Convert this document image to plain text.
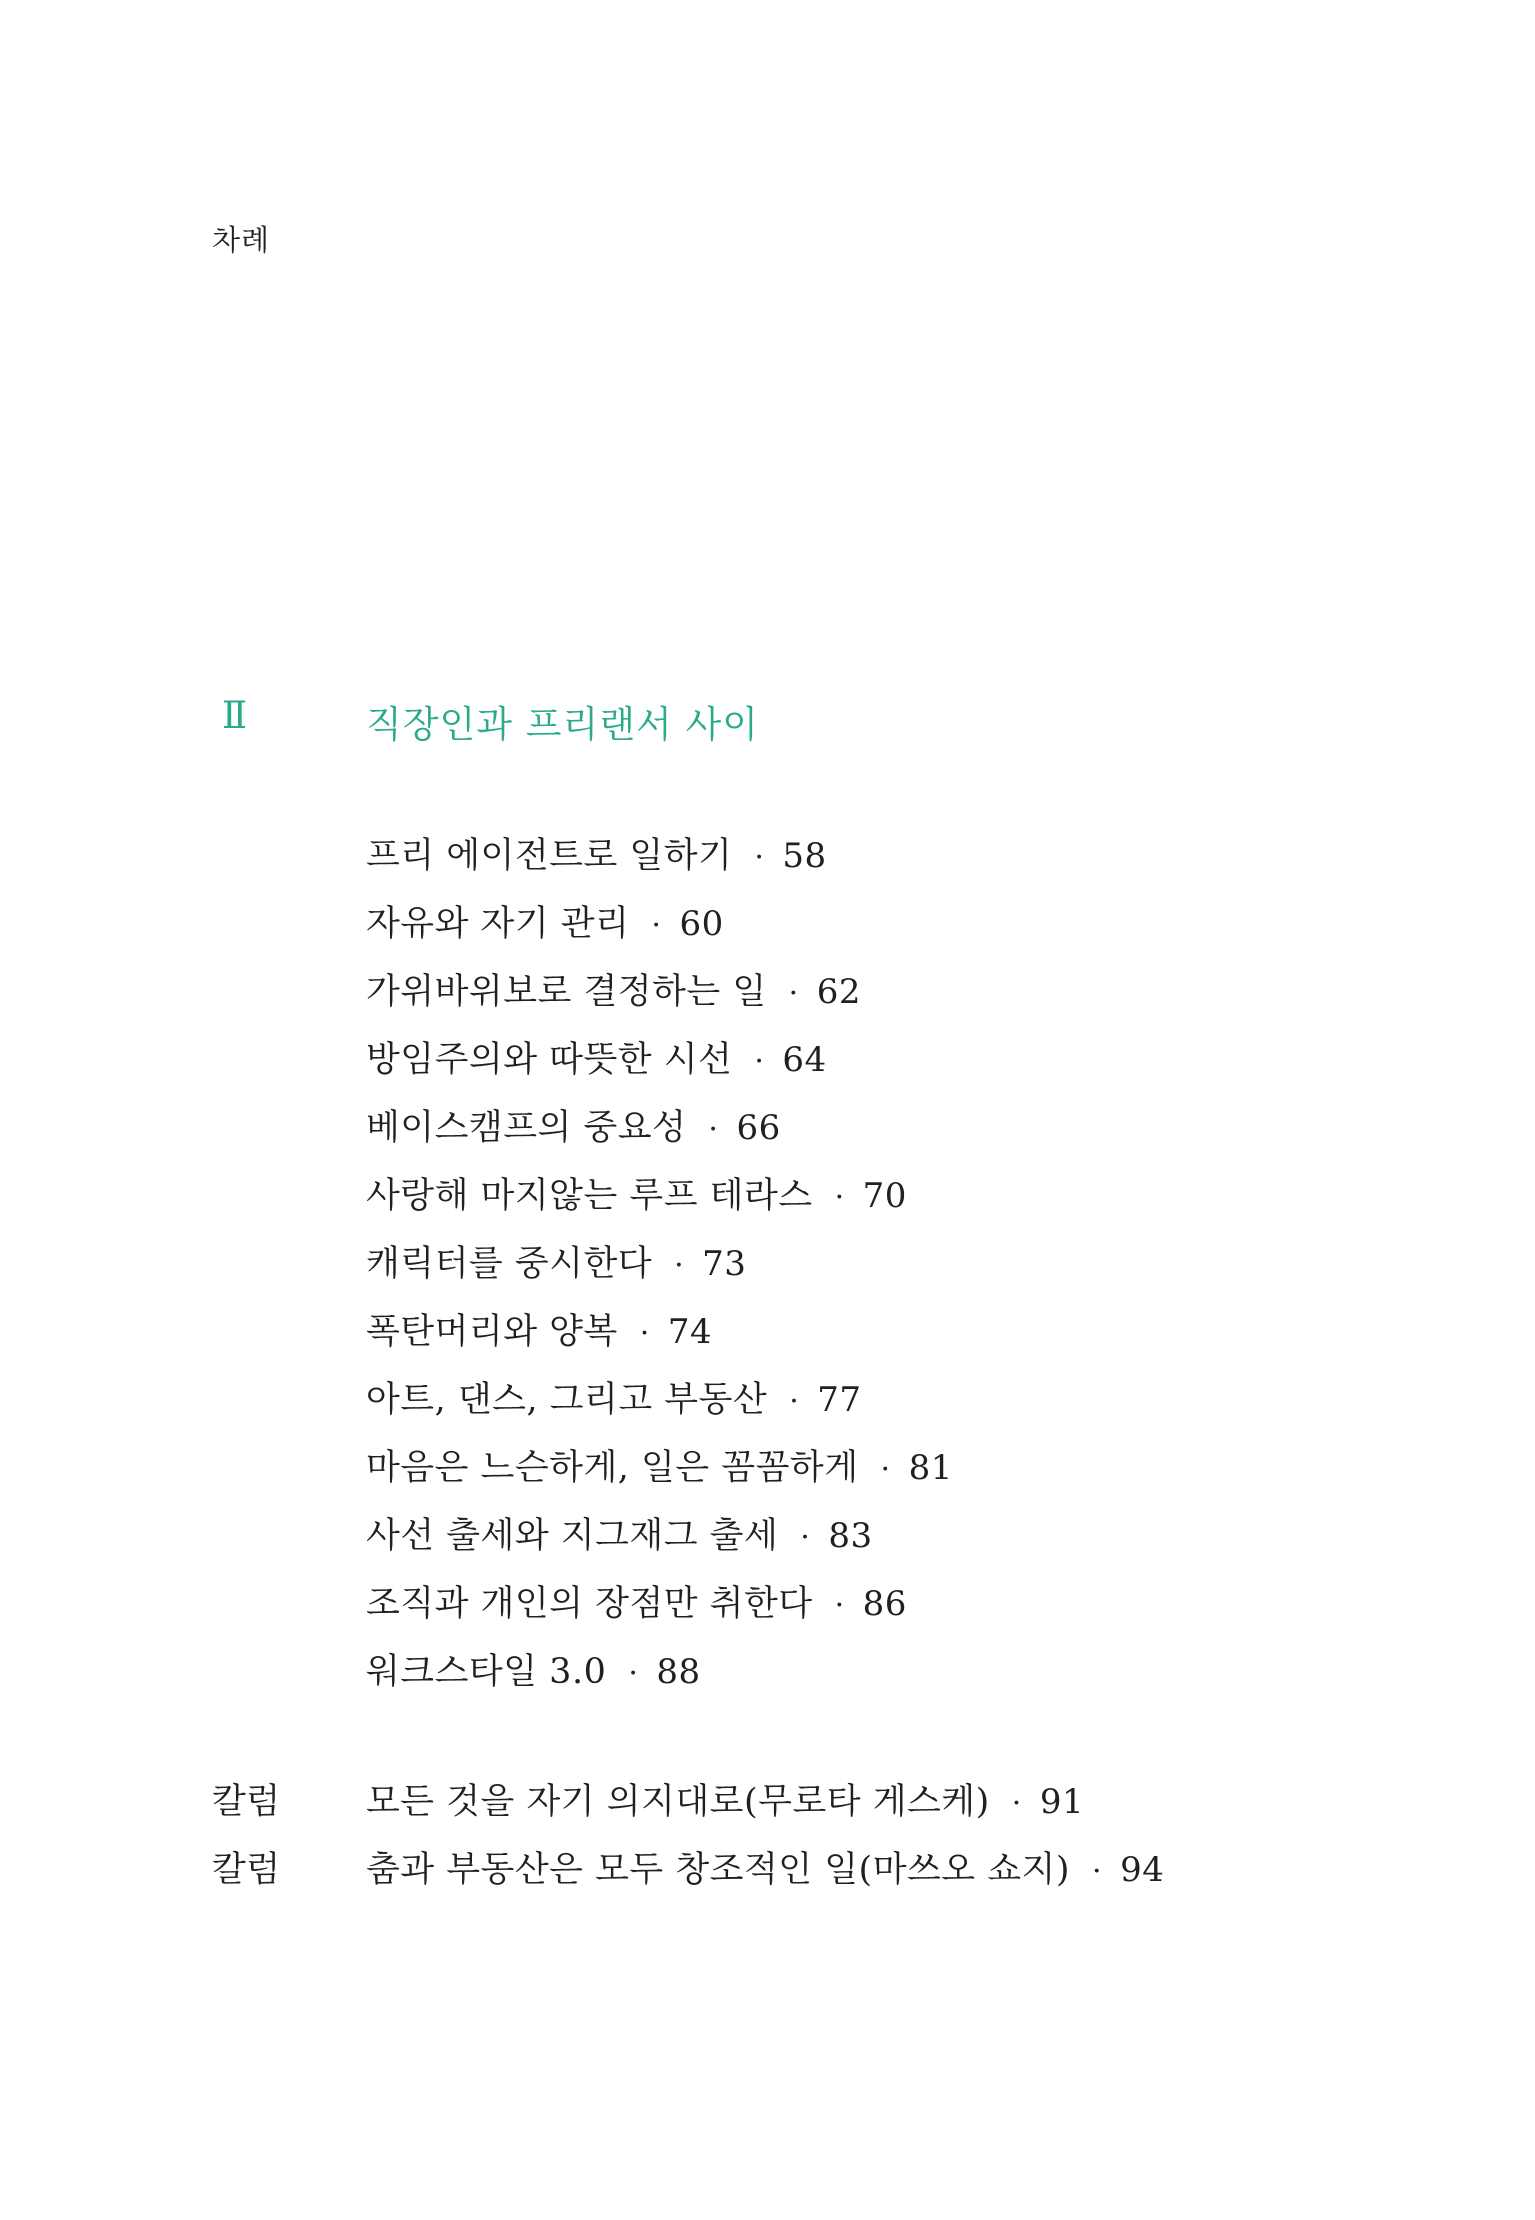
차례
Ⅱ	직장인과 프리랜서 사이
프리 에이전트로 일하기 · 58
자유와 자기 관리 · 60
가위바위보로 결정하는 일 · 62
방임주의와 따뜻한 시선 · 64
베이스캠프의 중요성 · 66
사랑해 마지않는 루프 테라스 · 70
캐릭터를 중시한다 · 73
폭탄머리와 양복 · 74
아트, 댄스, 그리고 부동산 · 77
마음은 느슨하게, 일은 꼼꼼하게 · 81
사선 출세와 지그재그 출세 · 83
조직과 개인의 장점만 취한다 · 86
워크스타일 3.0 · 88
칼럼 모든 것을 자기 의지대로(무로타 게스케) · 91
칼럼 춤과 부동산은 모두 창조적인 일(마쓰오 쇼지) · 94
